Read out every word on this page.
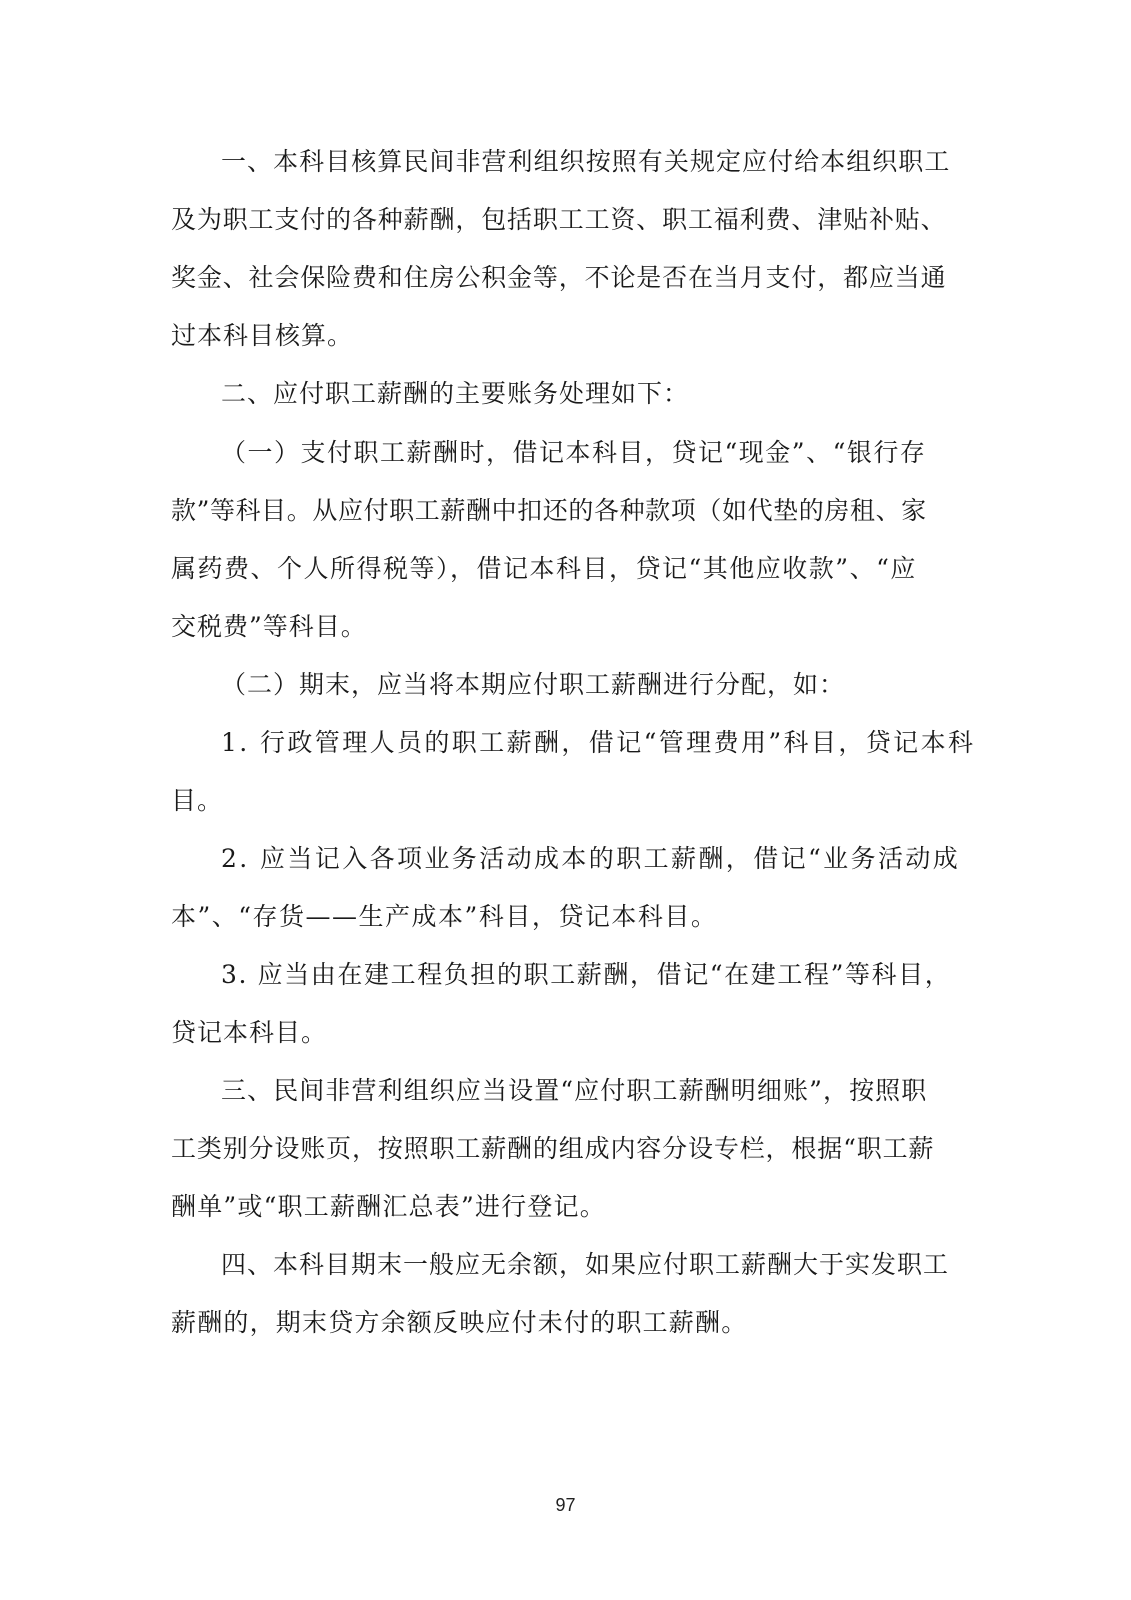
一、本科目核算民间非营利组织按照有关规定应付给本组织职工
及为职工支付的各种薪酬，包括职工工资、职工福利费、津贴补贴、
奖金、社会保险费和住房公积金等，不论是否在当月支付，都应当通
过本科目核算。
二、应付职工薪酬的主要账务处理如下：
（一）支付职工薪酬时，借记本科目，贷记“现金”、“银行存
款”等科目。从应付职工薪酬中扣还的各种款项（如代垫的房租、家
属药费、个人所得税等），借记本科目，贷记“其他应收款”、“应
交税费”等科目。
（二）期末，应当将本期应付职工薪酬进行分配，如：
1. 行政管理人员的职工薪酬，借记“管理费用”科目，贷记本科
目。
2. 应当记入各项业务活动成本的职工薪酬，借记“业务活动成
本”、“存货——生产成本”科目，贷记本科目。
3. 应当由在建工程负担的职工薪酬，借记“在建工程”等科目，
贷记本科目。
三、民间非营利组织应当设置“应付职工薪酬明细账”，按照职
工类别分设账页，按照职工薪酬的组成内容分设专栏，根据“职工薪
酬单”或“职工薪酬汇总表”进行登记。
四、本科目期末一般应无余额，如果应付职工薪酬大于实发职工
薪酬的，期末贷方余额反映应付未付的职工薪酬。
97
